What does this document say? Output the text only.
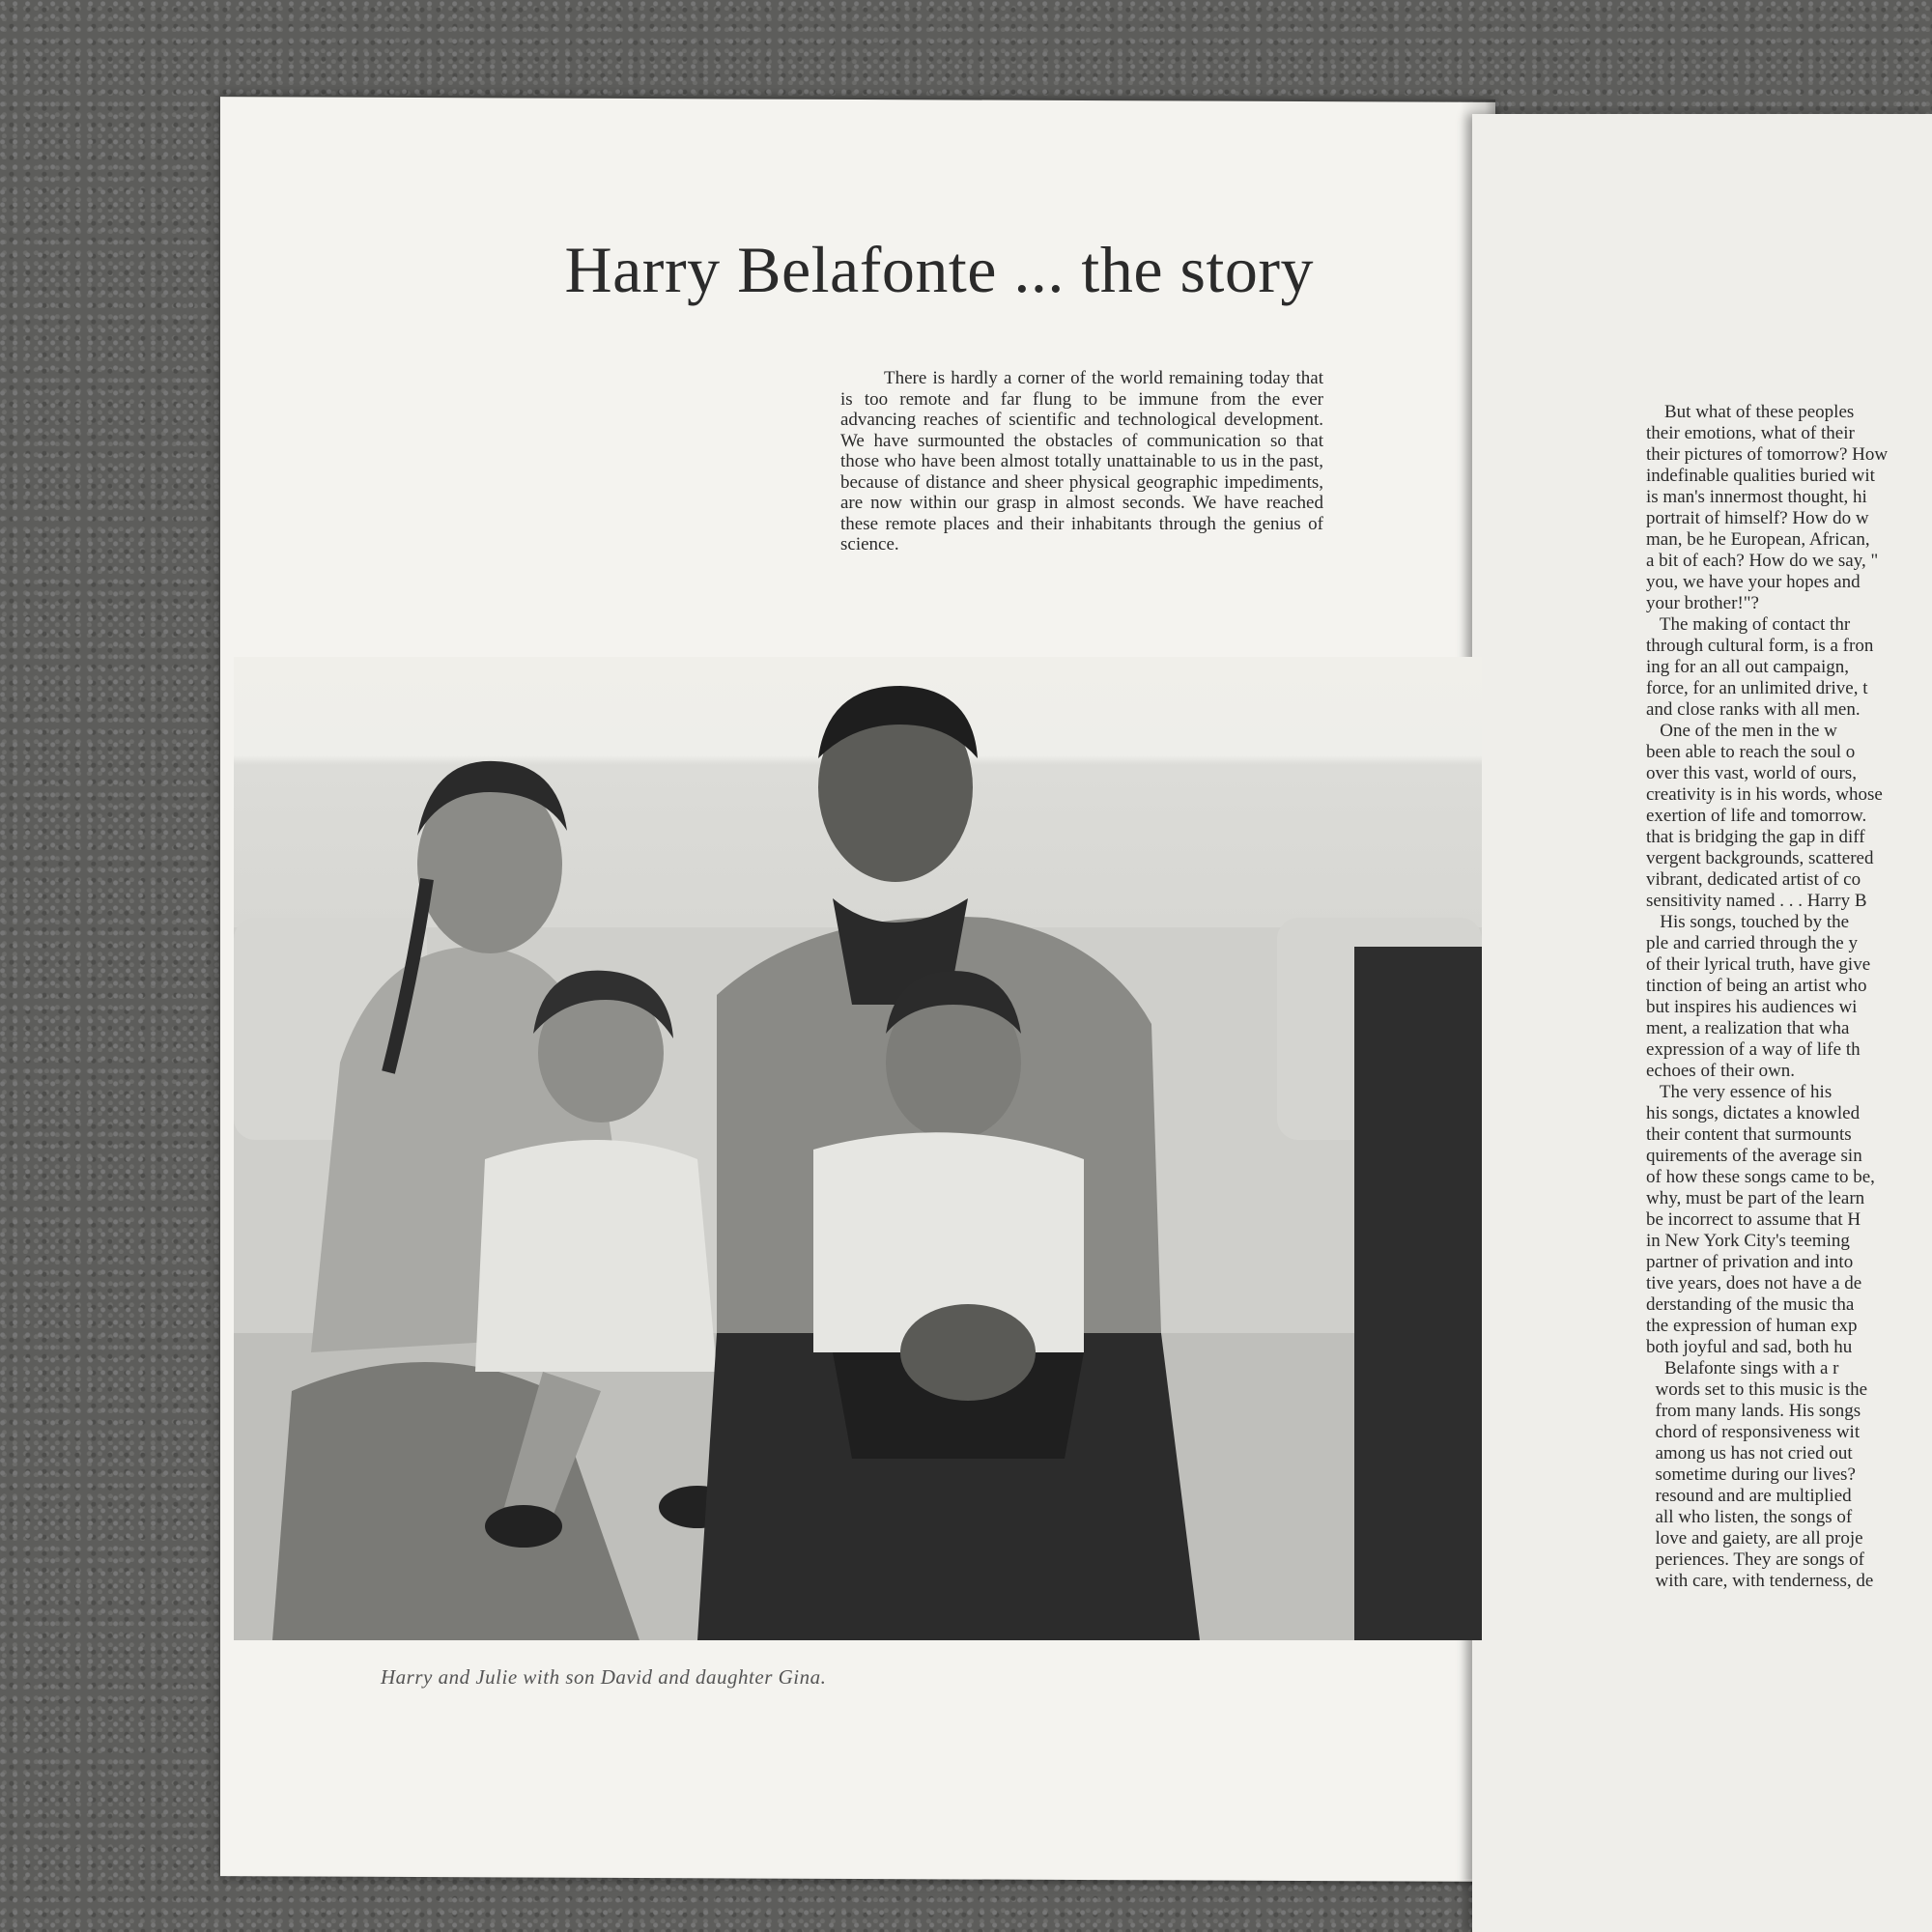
But what of these peoples
their emotions, what of their
their pictures of tomorrow? How
indefinable qualities buried wit
is man's innermost thought, hi
portrait of himself? How do w
man, be he European, African,
a bit of each? How do we say, "
you, we have your hopes and
your brother!"?
The making of contact thr
through cultural form, is a fron
ing for an all out campaign,
force, for an unlimited drive, t
and close ranks with all men.
One of the men in the w
been able to reach the soul o
over this vast, world of ours,
creativity is in his words, whose
exertion of life and tomorrow.
that is bridging the gap in diff
vergent backgrounds, scattered
vibrant, dedicated artist of co
sensitivity named . . . Harry B
His songs, touched by the
ple and carried through the y
of their lyrical truth, have give
tinction of being an artist who
but inspires his audiences wi
ment, a realization that wha
expression of a way of life th
echoes of their own.
The very essence of his
his songs, dictates a knowled
their content that surmounts
quirements of the average sin
of how these songs came to be,
why, must be part of the learn
be incorrect to assume that H
in New York City's teeming
partner of privation and into
tive years, does not have a de
derstanding of the music tha
the expression of human exp
both joyful and sad, both hu
Belafonte sings with a r
words set to this music is the
from many lands. His songs
chord of responsiveness wit
among us has not cried out
sometime during our lives?
resound and are multiplied
all who listen, the songs of
love and gaiety, are all proje
periences. They are songs of
with care, with tenderness, de
Harry Belafonte ... the story

There is hardly a corner of the world remaining today that is too remote and far flung to be immune from the ever advancing reaches of scientific and technological development. We have surmounted the obstacles of communication so that those who have been almost totally unattainable to us in the past, because of distance and sheer physical geographic impediments, are now within our grasp in almost seconds. We have reached these remote places and their inhabitants through the genius of science.

Harry and Julie with son David and daughter Gina.
